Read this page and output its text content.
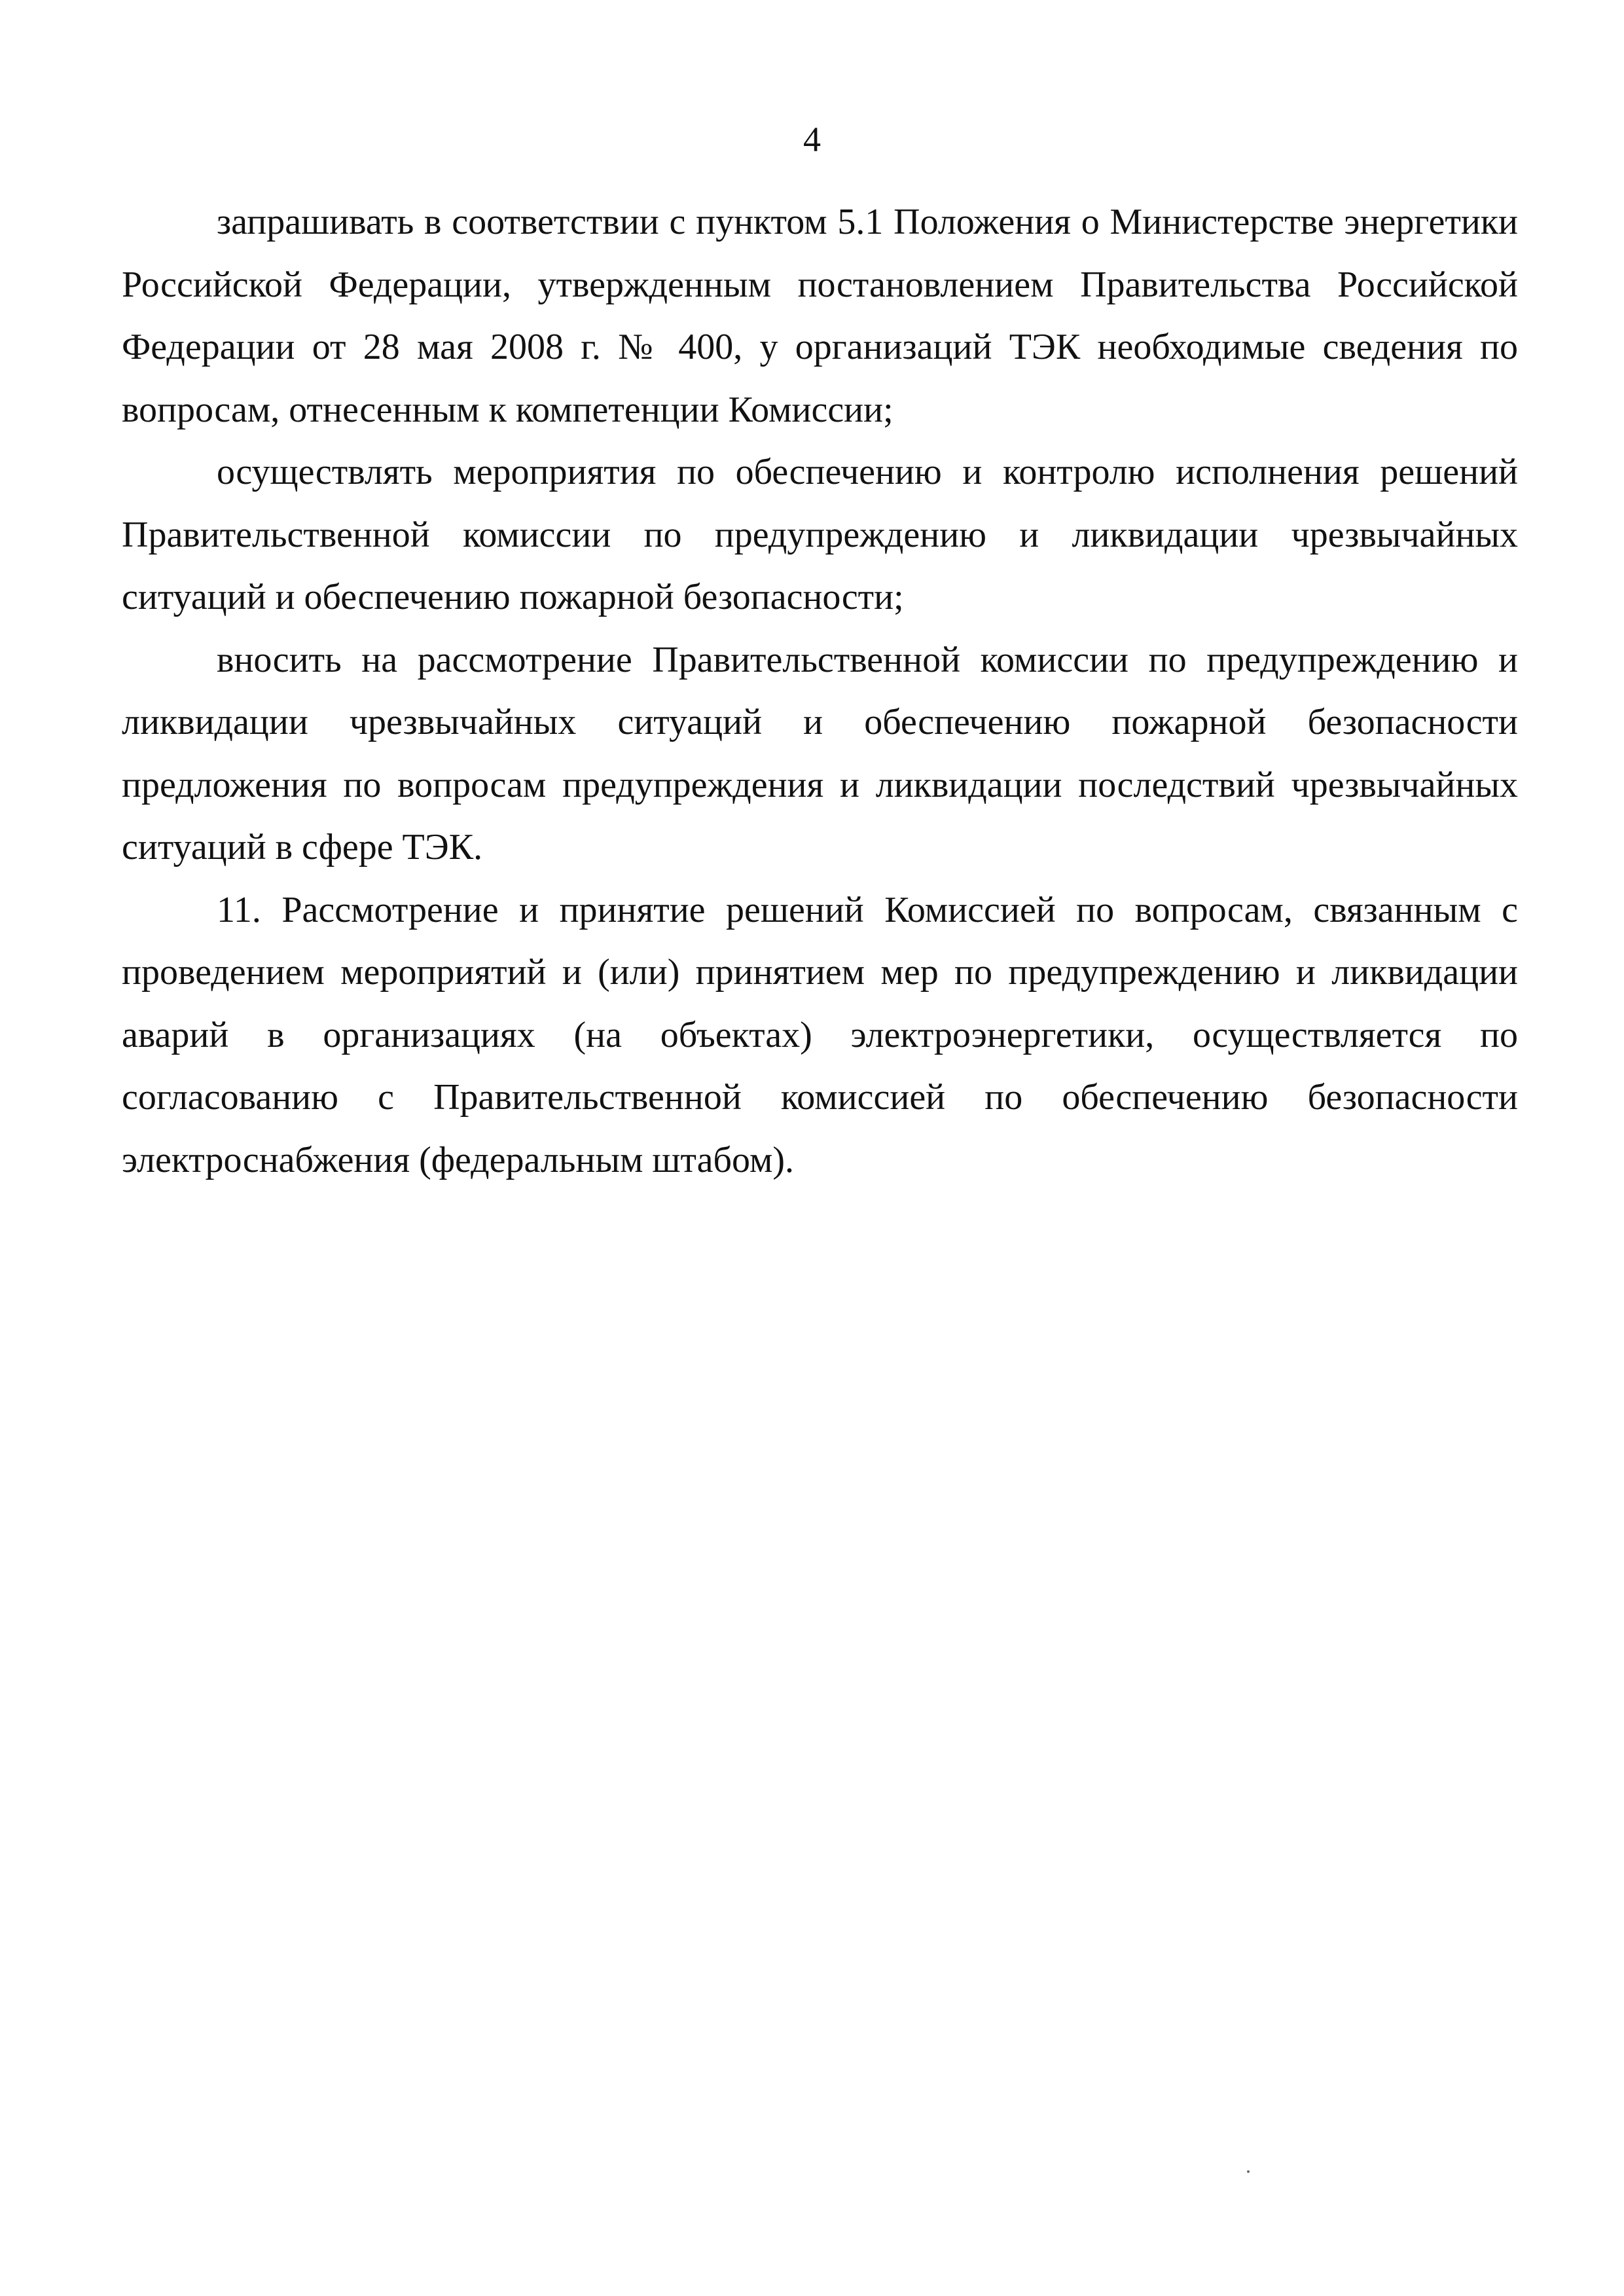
4

запрашивать в соответствии с пунктом 5.1 Положения о Министерстве энергетики Российской Федерации, утвержденным постановлением Правительства Российской Федерации от 28 мая 2008 г. № 400, у организаций ТЭК необходимые сведения по вопросам, отнесенным к компетенции Комиссии;

осуществлять мероприятия по обеспечению и контролю исполнения решений Правительственной комиссии по предупреждению и ликвидации чрезвычайных ситуаций и обеспечению пожарной безопасности;

вносить на рассмотрение Правительственной комиссии по предупреждению и ликвидации чрезвычайных ситуаций и обеспечению пожарной безопасности предложения по вопросам предупреждения и ликвидации последствий чрезвычайных ситуаций в сфере ТЭК.

11. Рассмотрение и принятие решений Комиссией по вопросам, связанным с проведением мероприятий и (или) принятием мер по предупреждению и ликвидации аварий в организациях (на объектах) электроэнергетики, осуществляется по согласованию с Правительственной комиссией по обеспечению безопасности электроснабжения (федеральным штабом).
